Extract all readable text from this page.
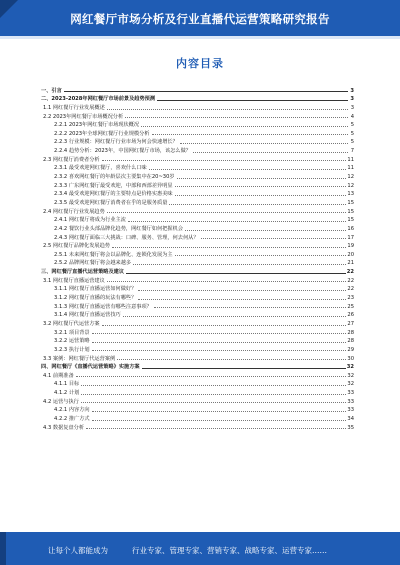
网红餐厅市场分析及行业直播代运营策略研究报告
内容目录
一、引言	3
二、2023-2028年网红餐厅市场前景及趋势预测	3
1.1 网红餐厅行业发展概述	3
2.2 2023年网红餐厅市场概况分析	4
2.2.1 2023年网红餐厅市场现状概况	5
2.2.2 2023年全球网红餐厅行业规模分析	5
2.2.3 行业规模：网红餐厅行业市场为何会快速增长？	5
2.2.4 趋势分析：2023年，中国网红餐厅市场，该怎么做？	7
2.3 网红餐厅消费者分析	11
2.3.1 最受欢迎网红餐厅，喜欢什么口味	11
2.3.2 喜欢网红餐厅的年龄层次主要集中在20~30岁	12
2.3.3 广东网红餐厅最受欢迎，中部和西部差异明显	12
2.3.4 最受欢迎网红餐厅的主要特点是价格实惠美味	13
2.3.5 最受欢迎网红餐厅消费者在乎的是服务质量	15
2.4 网红餐厅行业发展趋势	15
2.4.1 网红餐厅将成为行业主流	15
2.4.2 餐饮行业头部品牌化趋势，网红餐厅如何把握机会	16
2.4.3 网红餐厅面临三大挑战：口碑、服务、管理，何去何从？	17
2.5 网红餐厅品牌化发展趋势	19
2.5.1 未来网红餐厅将会以品牌化、连锁化发展为主	20
2.5.2 品牌网红餐厅将会越来越多	21
三、网红餐厅直播代运营策略及建议	22
3.1 网红餐厅直播运营建议	22
3.1.1 网红餐厅直播运营如何做好？	22
3.1.2 网红餐厅直播的玩法有哪些？	23
3.1.3 网红餐厅直播运营有哪些注意事项？	25
3.1.4 网红餐厅直播运营技巧	26
3.2 网红餐厅代运营方案	27
3.2.1 项目背景	28
3.2.2 运营策略	28
3.2.3 执行计划	29
3.3 案例：网红餐厅代运营案例	30
四、网红餐厅《直播代运营策略》实施方案	32
4.1 前期准备	32
4.1.1 目标	32
4.1.2 计划	33
4.2 运营与执行	33
4.2.1 内容方向	33
4.2.2 推广方式	34
4.3 数据复盘分析	35
让每个人都能成为	行业专家、管理专家、营销专家、战略专家、运营专家……
